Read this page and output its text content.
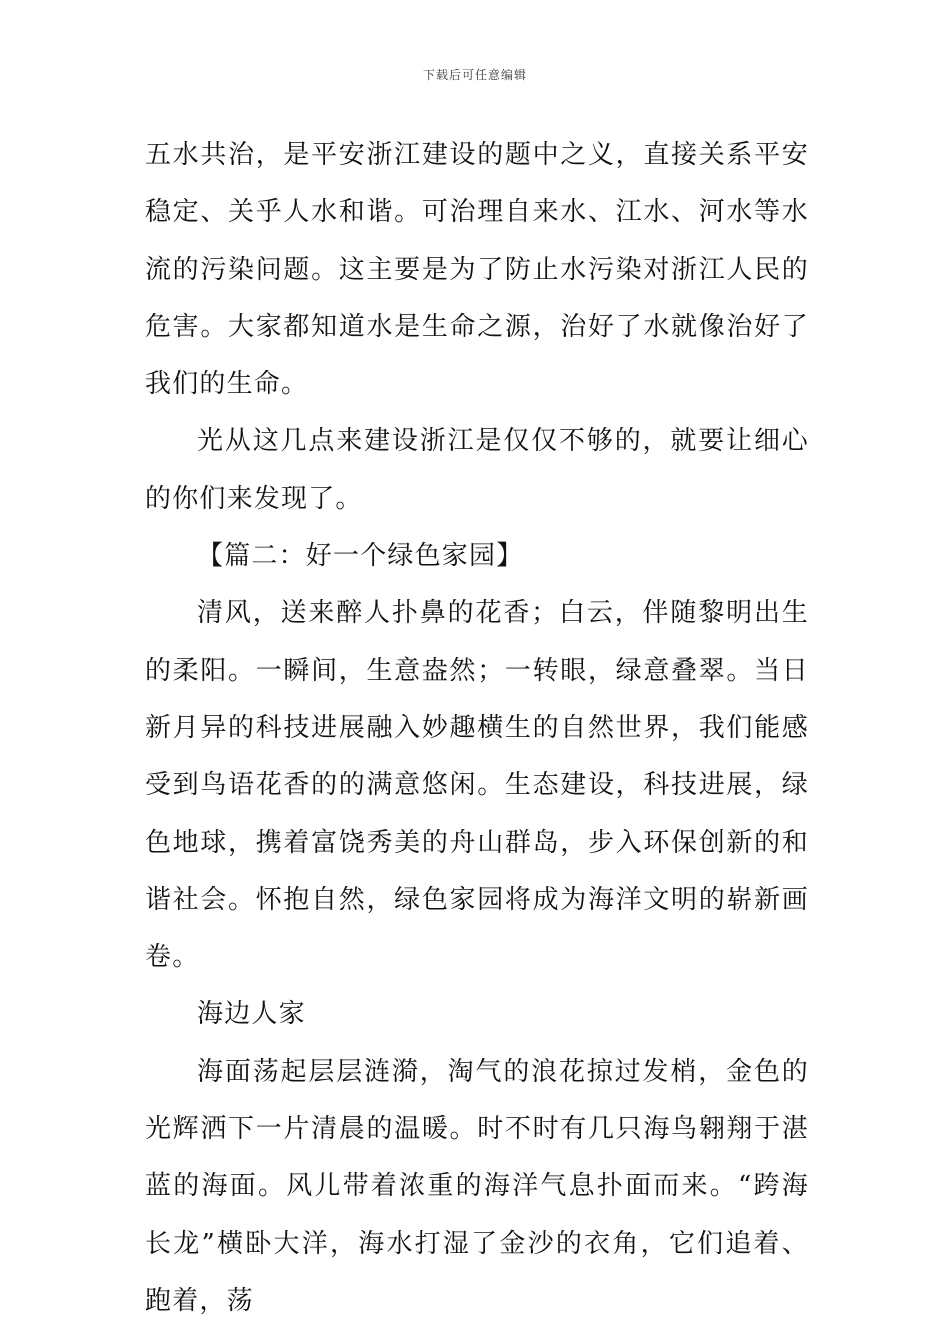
下载后可任意编辑

五水共治，是平安浙江建设的题中之义，直接关系平安稳定、关乎人水和谐。可治理自来水、江水、河水等水流的污染问题。这主要是为了防止水污染对浙江人民的危害。大家都知道水是生命之源，治好了水就像治好了我们的生命。

光从这几点来建设浙江是仅仅不够的，就要让细心的你们来发现了。

【篇二：好一个绿色家园】

清风，送来醉人扑鼻的花香；白云，伴随黎明出生的柔阳。一瞬间，生意盎然；一转眼，绿意叠翠。当日新月异的科技进展融入妙趣横生的自然世界，我们能感受到鸟语花香的的满意悠闲。生态建设，科技进展，绿色地球，携着富饶秀美的舟山群岛，步入环保创新的和谐社会。怀抱自然，绿色家园将成为海洋文明的崭新画卷。

海边人家

海面荡起层层涟漪，淘气的浪花掠过发梢，金色的光辉洒下一片清晨的温暖。时不时有几只海鸟翱翔于湛蓝的海面。风儿带着浓重的海洋气息扑面而来。“跨海长龙”横卧大洋，海水打湿了金沙的衣角，它们追着、跑着，荡
